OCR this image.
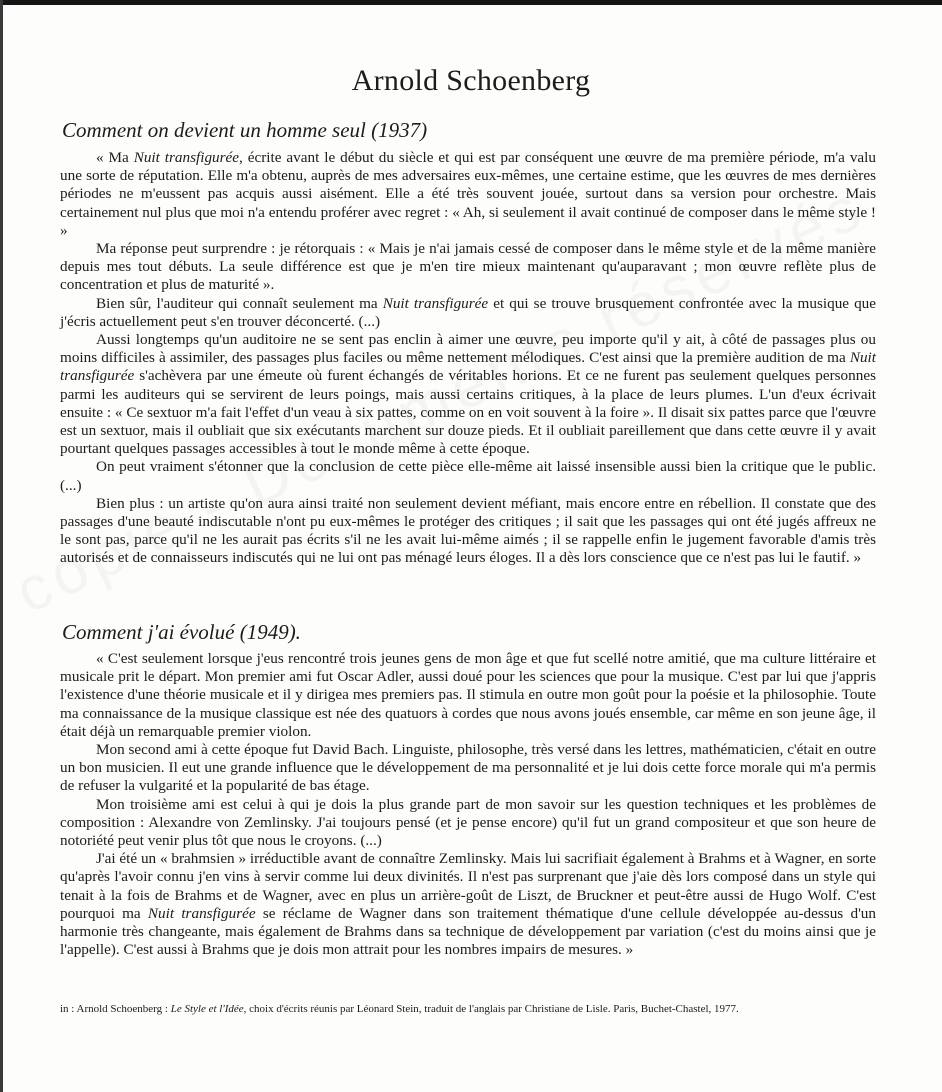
Arnold Schoenberg
Comment on devient un homme seul (1937)

« Ma Nuit transfigurée, écrite avant le début du siècle et qui est par conséquent une œuvre de ma première période, m'a valu une sorte de réputation. Elle m'a obtenu, auprès de mes adversaires eux-mêmes, une certaine estime, que les œuvres de mes dernières périodes ne m'eussent pas acquis aussi aisément. Elle a été très souvent jouée, surtout dans sa version pour orchestre. Mais certainement nul plus que moi n'a entendu proférer avec regret : « Ah, si seulement il avait continué de composer dans le même style ! »

Ma réponse peut surprendre : je rétorquais : « Mais je n'ai jamais cessé de composer dans le même style et de la même manière depuis mes tout débuts. La seule différence est que je m'en tire mieux maintenant qu'auparavant ; mon œuvre reflète plus de concentration et plus de maturité ».

Bien sûr, l'auditeur qui connaît seulement ma Nuit transfigurée et qui se trouve brusquement confrontée avec la musique que j'écris actuellement peut s'en trouver déconcerté. (...)

Aussi longtemps qu'un auditoire ne se sent pas enclin à aimer une œuvre, peu importe qu'il y ait, à côté de passages plus ou moins difficiles à assimiler, des passages plus faciles ou même nettement mélodiques. C'est ainsi que la première audition de ma Nuit transfigurée s'achèvera par une émeute où furent échangés de véritables horions. Et ce ne furent pas seulement quelques personnes parmi les auditeurs qui se servirent de leurs poings, mais aussi certains critiques, à la place de leurs plumes. L'un d'eux écrivait ensuite : « Ce sextuor m'a fait l'effet d'un veau à six pattes, comme on en voit souvent à la foire ». Il disait six pattes parce que l'œuvre est un sextuor, mais il oubliait que six exécutants marchent sur douze pieds. Et il oubliait pareillement que dans cette œuvre il y avait pourtant quelques passages accessibles à tout le monde même à cette époque.

On peut vraiment s'étonner que la conclusion de cette pièce elle-même ait laissé insensible aussi bien la critique que le public. (...)

Bien plus : un artiste qu'on aura ainsi traité non seulement devient méfiant, mais encore entre en rébellion. Il constate que des passages d'une beauté indiscutable n'ont pu eux-mêmes le protéger des critiques ; il sait que les passages qui ont été jugés affreux ne le sont pas, parce qu'il ne les aurait pas écrits s'il ne les avait lui-même aimés ; il se rappelle enfin le jugement favorable d'amis très autorisés et de connaisseurs indiscutés qui ne lui ont pas ménagé leurs éloges. Il a dès lors conscience que ce n'est pas lui le fautif. »

Comment j'ai évolué (1949).

« C'est seulement lorsque j'eus rencontré trois jeunes gens de mon âge et que fut scellé notre amitié, que ma culture littéraire et musicale prit le départ. Mon premier ami fut Oscar Adler, aussi doué pour les sciences que pour la musique. C'est par lui que j'appris l'existence d'une théorie musicale et il y dirigea mes premiers pas. Il stimula en outre mon goût pour la poésie et la philosophie. Toute ma connaissance de la musique classique est née des quatuors à cordes que nous avons joués ensemble, car même en son jeune âge, il était déjà un remarquable premier violon.

Mon second ami à cette époque fut David Bach. Linguiste, philosophe, très versé dans les lettres, mathématicien, c'était en outre un bon musicien. Il eut une grande influence que le développement de ma personnalité et je lui dois cette force morale qui m'a permis de refuser la vulgarité et la popularité de bas étage.

Mon troisième ami est celui à qui je dois la plus grande part de mon savoir sur les question techniques et les problèmes de composition : Alexandre von Zemlinsky. J'ai toujours pensé (et je pense encore) qu'il fut un grand compositeur et que son heure de notoriété peut venir plus tôt que nous le croyons. (...)

J'ai été un « brahmsien » irréductible avant de connaître Zemlinsky. Mais lui sacrifiait également à Brahms et à Wagner, en sorte qu'après l'avoir connu j'en vins à servir comme lui deux divinités. Il n'est pas surprenant que j'aie dès lors composé dans un style qui tenait à la fois de Brahms et de Wagner, avec en plus un arrière-goût de Liszt, de Bruckner et peut-être aussi de Hugo Wolf. C'est pourquoi ma Nuit transfigurée se réclame de Wagner dans son traitement thématique d'une cellule développée au-dessus d'un harmonie très changeante, mais également de Brahms dans sa technique de développement par variation (c'est du moins ainsi que je l'appelle). C'est aussi à Brahms que je dois mon attrait pour les nombres impairs de mesures. »

in : Arnold Schoenberg : Le Style et l'Idée, choix d'écrits réunis par Léonard Stein, traduit de l'anglais par Christiane de Lisle. Paris, Buchet-Chastel, 1977.
